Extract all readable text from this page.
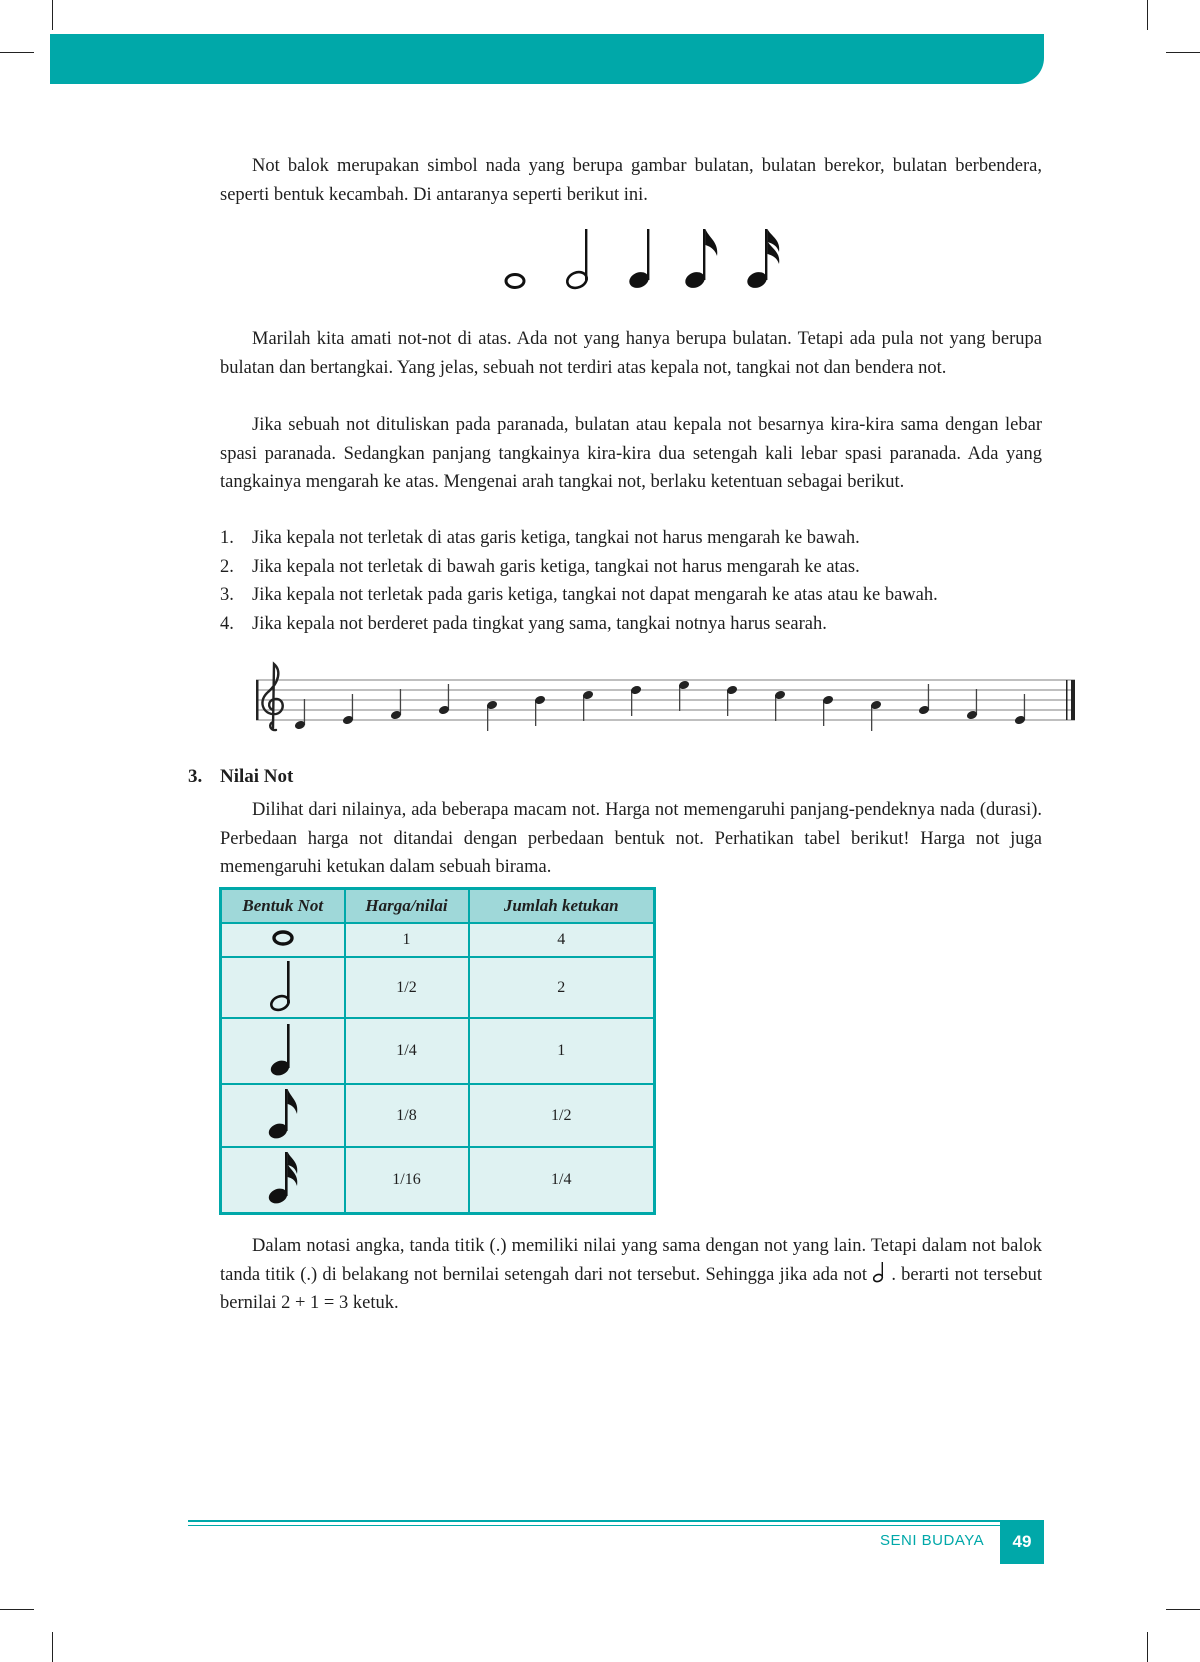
Not balok merupakan simbol nada yang berupa gambar bulatan, bulatan berekor, bulatan berbendera, seperti bentuk kecambah. Di antaranya seperti berikut ini.

Marilah kita amati not-not di atas. Ada not yang hanya berupa bulatan. Tetapi ada pula not yang berupa bulatan dan bertangkai. Yang jelas, sebuah not terdiri atas kepala not, tangkai not dan bendera not.

Jika sebuah not dituliskan pada paranada, bulatan atau kepala not besarnya kira-kira sama dengan lebar spasi paranada. Sedangkan panjang tangkainya kira-kira dua setengah kali lebar spasi paranada. Ada yang tangkainya mengarah ke atas. Mengenai arah tangkai not, berlaku ketentuan sebagai berikut.

1. Jika kepala not terletak di atas garis ketiga, tangkai not harus mengarah ke bawah.
2. Jika kepala not terletak di bawah garis ketiga, tangkai not harus mengarah ke atas.
3. Jika kepala not terletak pada garis ketiga, tangkai not dapat mengarah ke atas atau ke bawah.
4. Jika kepala not berderet pada tingkat yang sama, tangkai notnya harus searah.
3. Nilai Not

Dilihat dari nilainya, ada beberapa macam not. Harga not memengaruhi panjang-pendeknya nada (durasi). Perbedaan harga not ditandai dengan perbedaan bentuk not. Perhatikan tabel berikut! Harga not juga memengaruhi ketukan dalam sebuah birama.

Bentuk Not	Harga/nilai	Jumlah ketukan
	1	4
	1/2	2
	1/4	1
	1/8	1/2
	1/16	1/4

Dalam notasi angka, tanda titik (.) memiliki nilai yang sama dengan not yang lain. Tetapi dalam not balok tanda titik (.) di belakang not bernilai setengah dari not tersebut. Sehingga jika ada not . berarti not tersebut bernilai 2 + 1 = 3 ketuk.

SENI BUDAYA	49
